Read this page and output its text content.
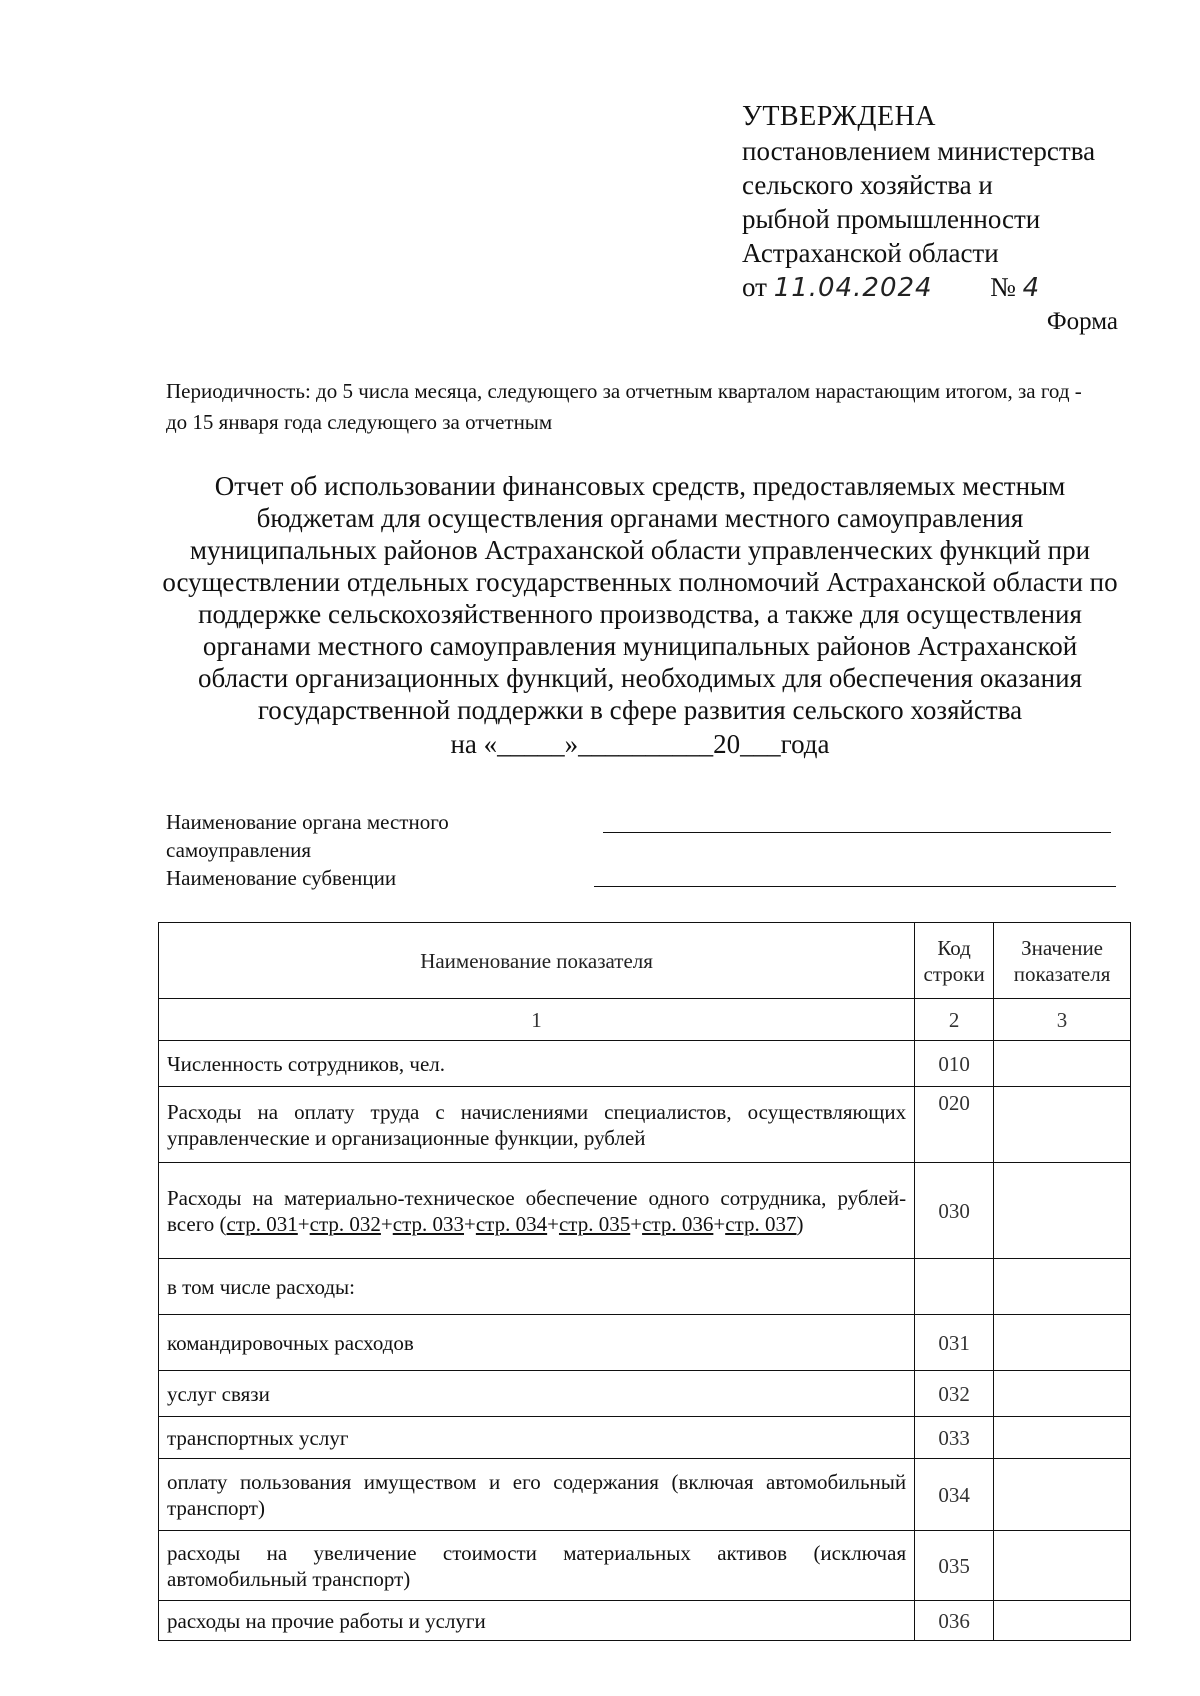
УТВЕРЖДЕНА
постановлением министерства
сельского хозяйства и
рыбной промышленности
Астраханской области
от 11.04.2024 № 4
Форма
Периодичность: до 5 числа месяца, следующего за отчетным кварталом нарастающим итогом, за год - до 15 января года следующего за отчетным
Отчет об использовании финансовых средств, предоставляемых местным бюджетам для осуществления органами местного самоуправления муниципальных районов Астраханской области управленческих функций при осуществлении отдельных государственных полномочий Астраханской области по поддержке сельскохозяйственного производства, а также для осуществления органами местного самоуправления муниципальных районов Астраханской области организационных функций, необходимых для обеспечения оказания государственной поддержки в сфере развития сельского хозяйства
на «_____»__________20___года
Наименование органа местного самоуправления
Наименование субвенции
Наименование показателя	Код строки	Значение показателя
1	2	3
Численность сотрудников, чел.	010	
Расходы на оплату труда с начислениями специалистов, осуществляющих управленческие и организационные функции, рублей	020	
Расходы на материально-техническое обеспечение одного сотрудника, рублей-всего (стр. 031+стр. 032+стр. 033+стр. 034+стр. 035+стр. 036+стр. 037)	030	
в том числе расходы:		
командировочных расходов	031	
услуг связи	032	
транспортных услуг	033	
оплату пользования имуществом и его содержания (включая автомобильный транспорт)	034	
расходы на увеличение стоимости материальных активов (исключая автомобильный транспорт)	035	
расходы на прочие работы и услуги	036	
